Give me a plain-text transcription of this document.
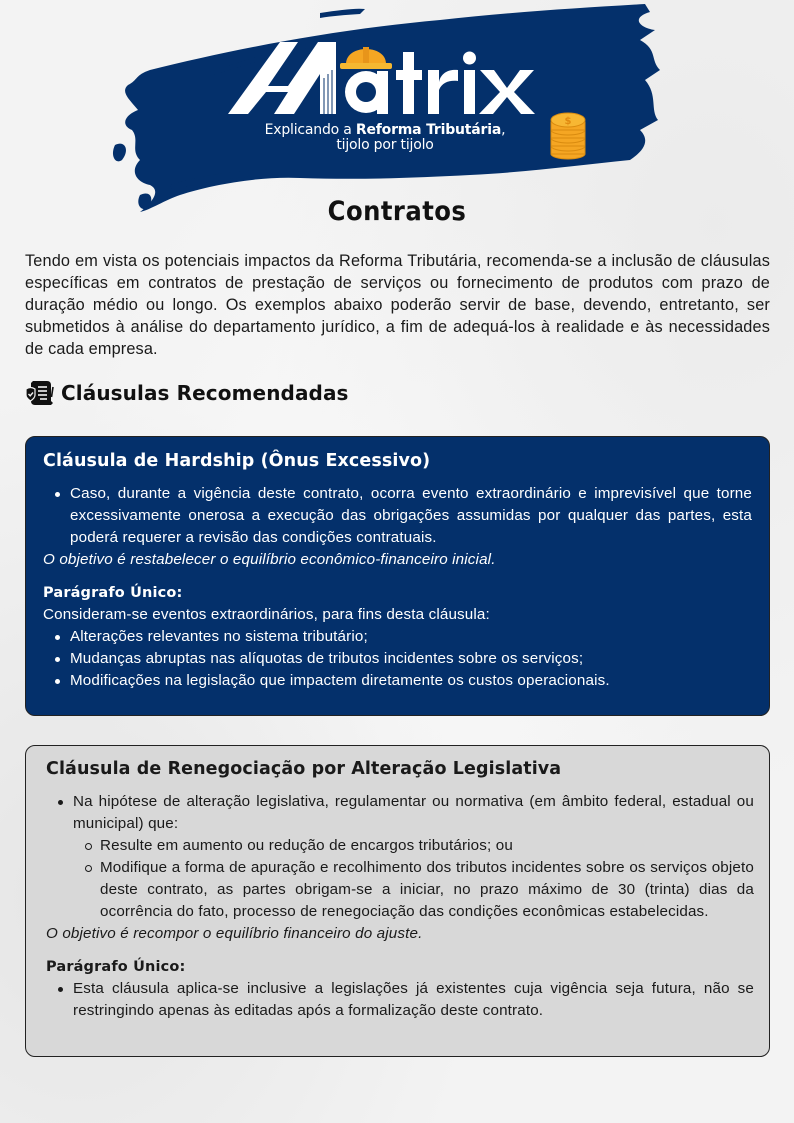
Explicando a Reforma Tributária,
tijolo por tijolo
$
Contratos

Tendo em vista os potenciais impactos da Reforma Tributária, recomenda-se a inclusão de cláusulas específicas em contratos de prestação de serviços ou fornecimento de produtos com prazo de duração médio ou longo. Os exemplos abaixo poderão servir de base, devendo, entretanto, ser submetidos à análise do departamento jurídico, a fim de adequá-los à realidade e às necessidades de cada empresa.

Cláusulas Recomendadas
Cláusula de Hardship (Ônus Excessivo)
Caso, durante a vigência deste contrato, ocorra evento extraordinário e imprevisível que torne excessivamente onerosa a execução das obrigações assumidas por qualquer das partes, esta poderá requerer a revisão das condições contratuais.
O objetivo é restabelecer o equilíbrio econômico-financeiro inicial.
Parágrafo Único:
Consideram-se eventos extraordinários, para fins desta cláusula:
Alterações relevantes no sistema tributário;
Mudanças abruptas nas alíquotas de tributos incidentes sobre os serviços;
Modificações na legislação que impactem diretamente os custos operacionais.
Cláusula de Renegociação por Alteração Legislativa
Na hipótese de alteração legislativa, regulamentar ou normativa (em âmbito federal, estadual ou municipal) que:
Resulte em aumento ou redução de encargos tributários; ou
Modifique a forma de apuração e recolhimento dos tributos incidentes sobre os serviços objeto deste contrato, as partes obrigam-se a iniciar, no prazo máximo de 30 (trinta) dias da ocorrência do fato, processo de renegociação das condições econômicas estabelecidas.
O objetivo é recompor o equilíbrio financeiro do ajuste.
Parágrafo Único:
Esta cláusula aplica-se inclusive a legislações já existentes cuja vigência seja futura, não se restringindo apenas às editadas após a formalização deste contrato.
